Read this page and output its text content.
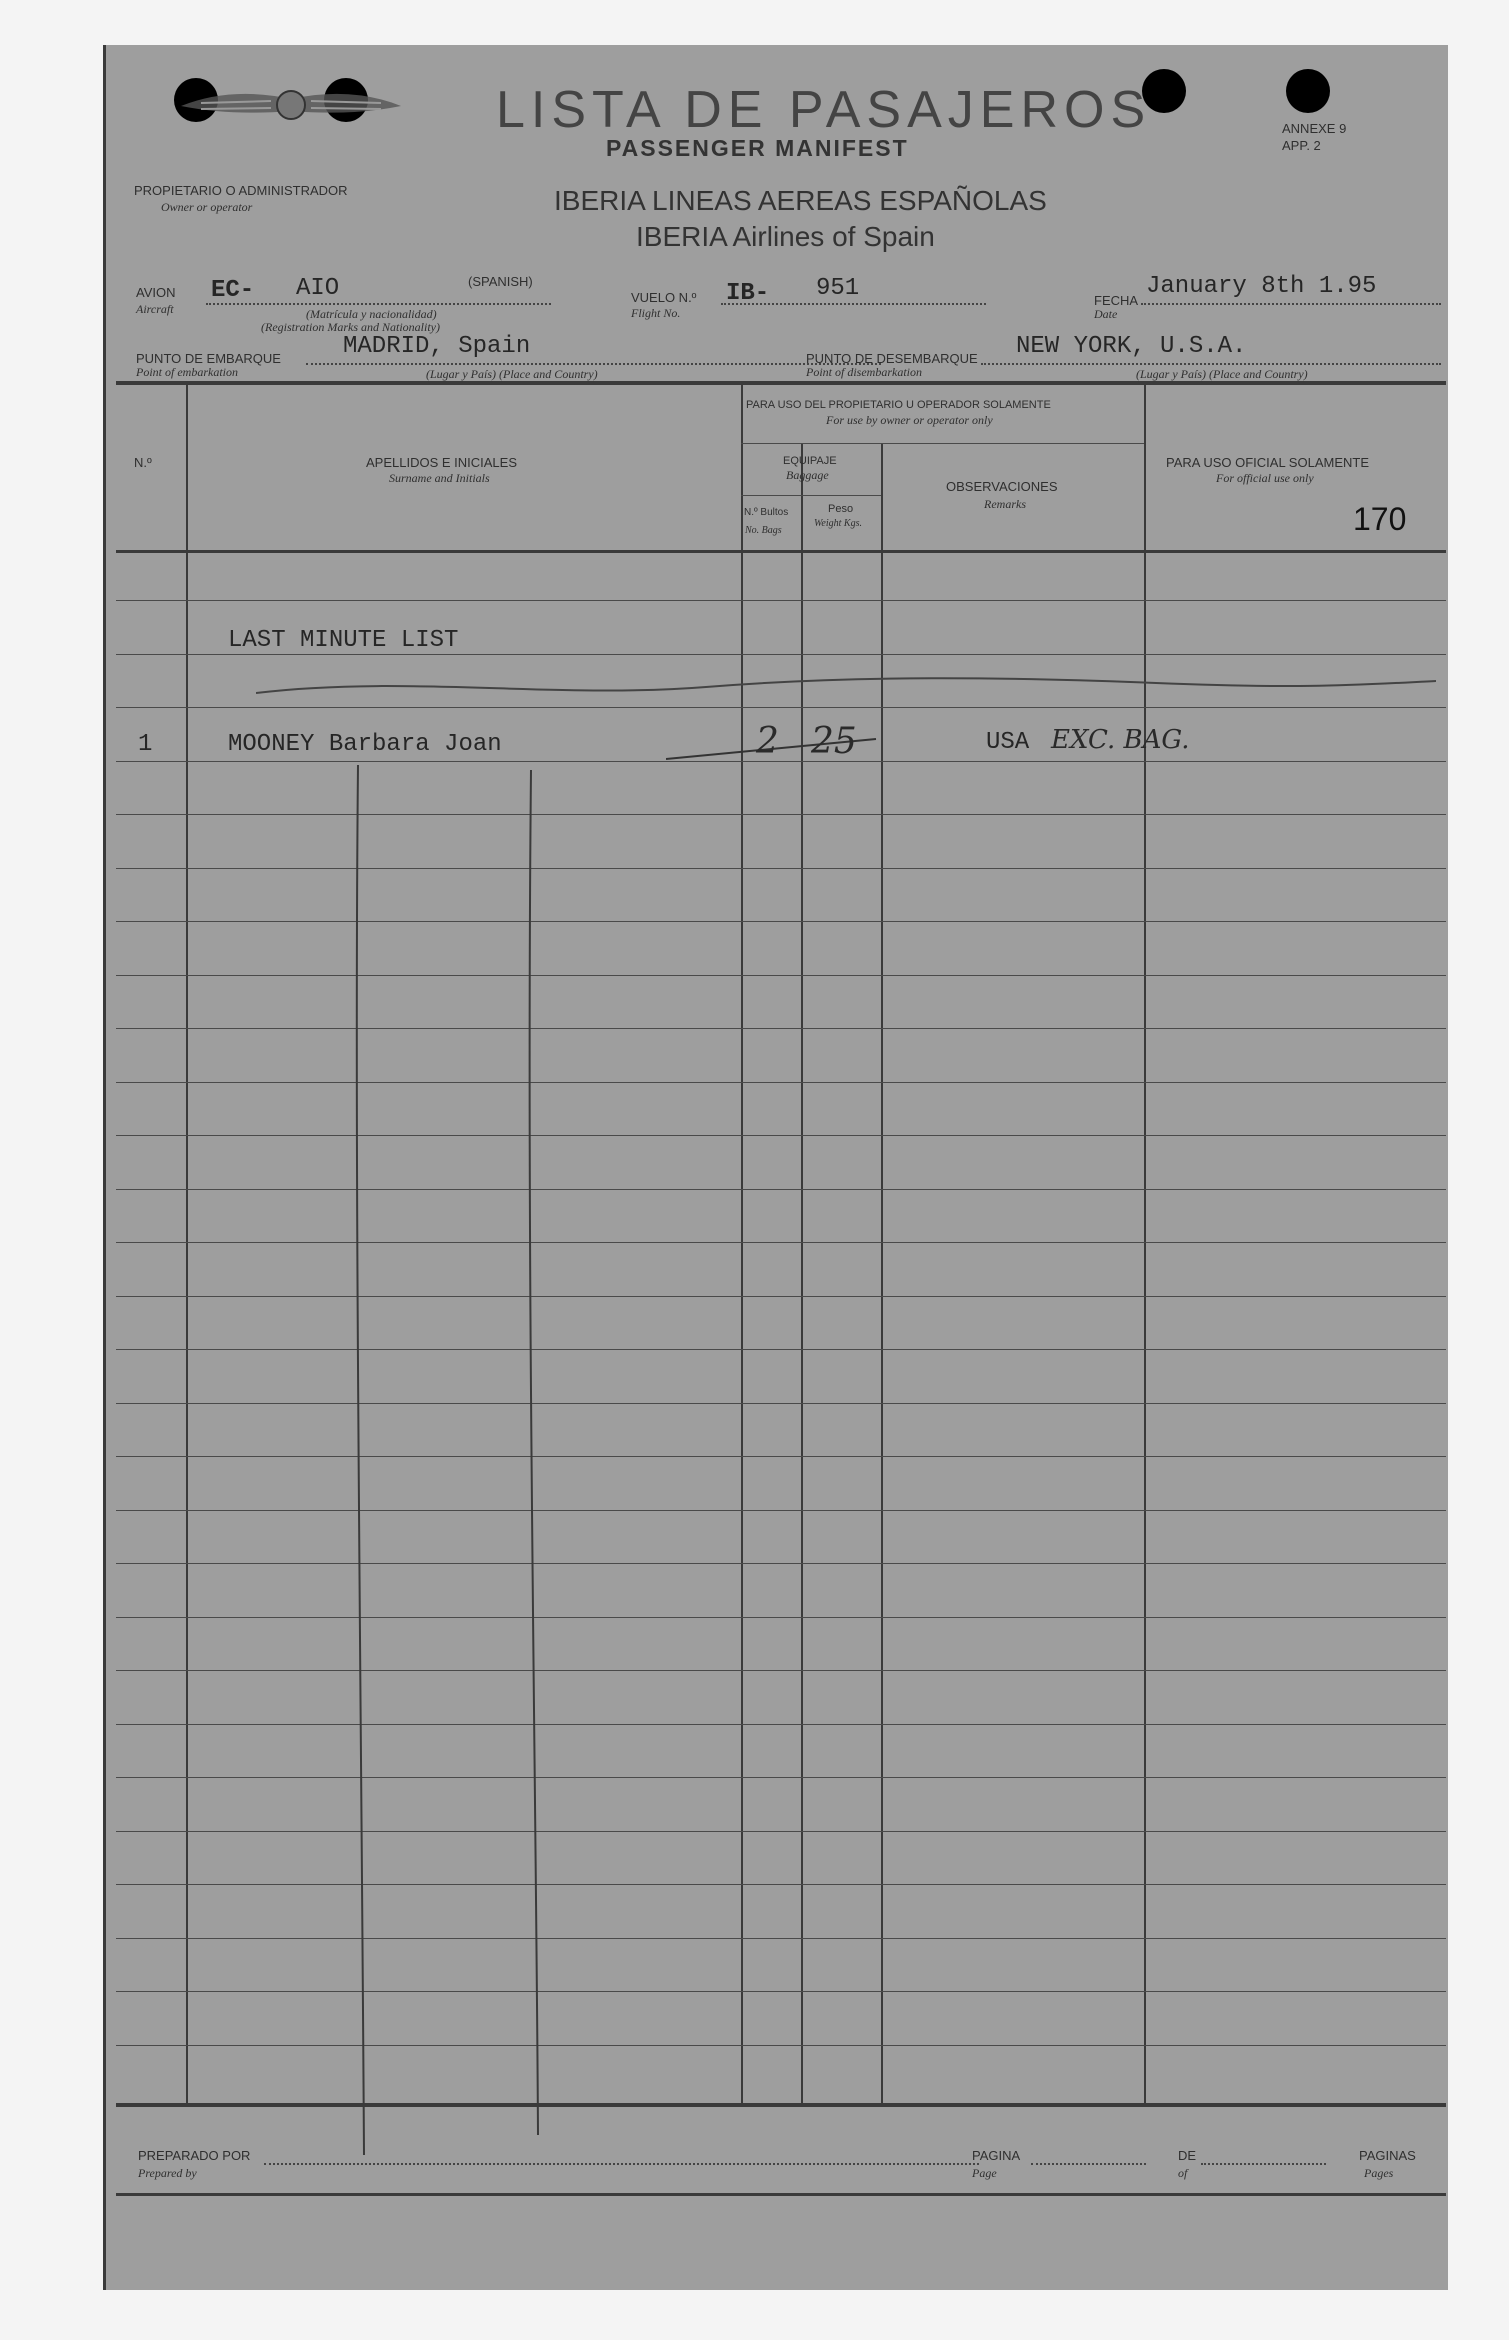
LISTA DE PASAJEROS
PASSENGER MANIFEST
ANNEXE 9
APP. 2
PROPIETARIO O ADMINISTRADOR
Owner or operator	IBERIA LINEAS AEREAS ESPAÑOLAS
IBERIA Airlines of Spain
AVION
Aircraft
EC- AIO	(SPANISH)
(Matrícula y nacionalidad)
(Registration Marks and Nationality)
VUELO N.º
Flight No.
IB- 951	FECHA
Date
January 8th 1.95
PUNTO DE EMBARQUE
Point of embarkation
MADRID, Spain
(Lugar y País) (Place and Country)
PUNTO DE DESEMBARQUE
Point of disembarkation
NEW YORK, U.S.A.
(Lugar y País) (Place and Country)
N.º	APELLIDOS E INICIALES
Surname and Initials
PARA USO DEL PROPIETARIO U OPERADOR SOLAMENTE
For use by owner or operator only
EQUIPAJE
Baggage
N.º Bultos
No. Bags
Peso
Weight Kgs.
OBSERVACIONES
Remarks
PARA USO OFICIAL SOLAMENTE
For official use only
170
LAST MINUTE LIST
1	MOONEY Barbara Joan	2 25	USA EXC. BAG.
PREPARADO POR
Prepared by
PAGINA
Page
DE
of
PAGINAS
Pages
